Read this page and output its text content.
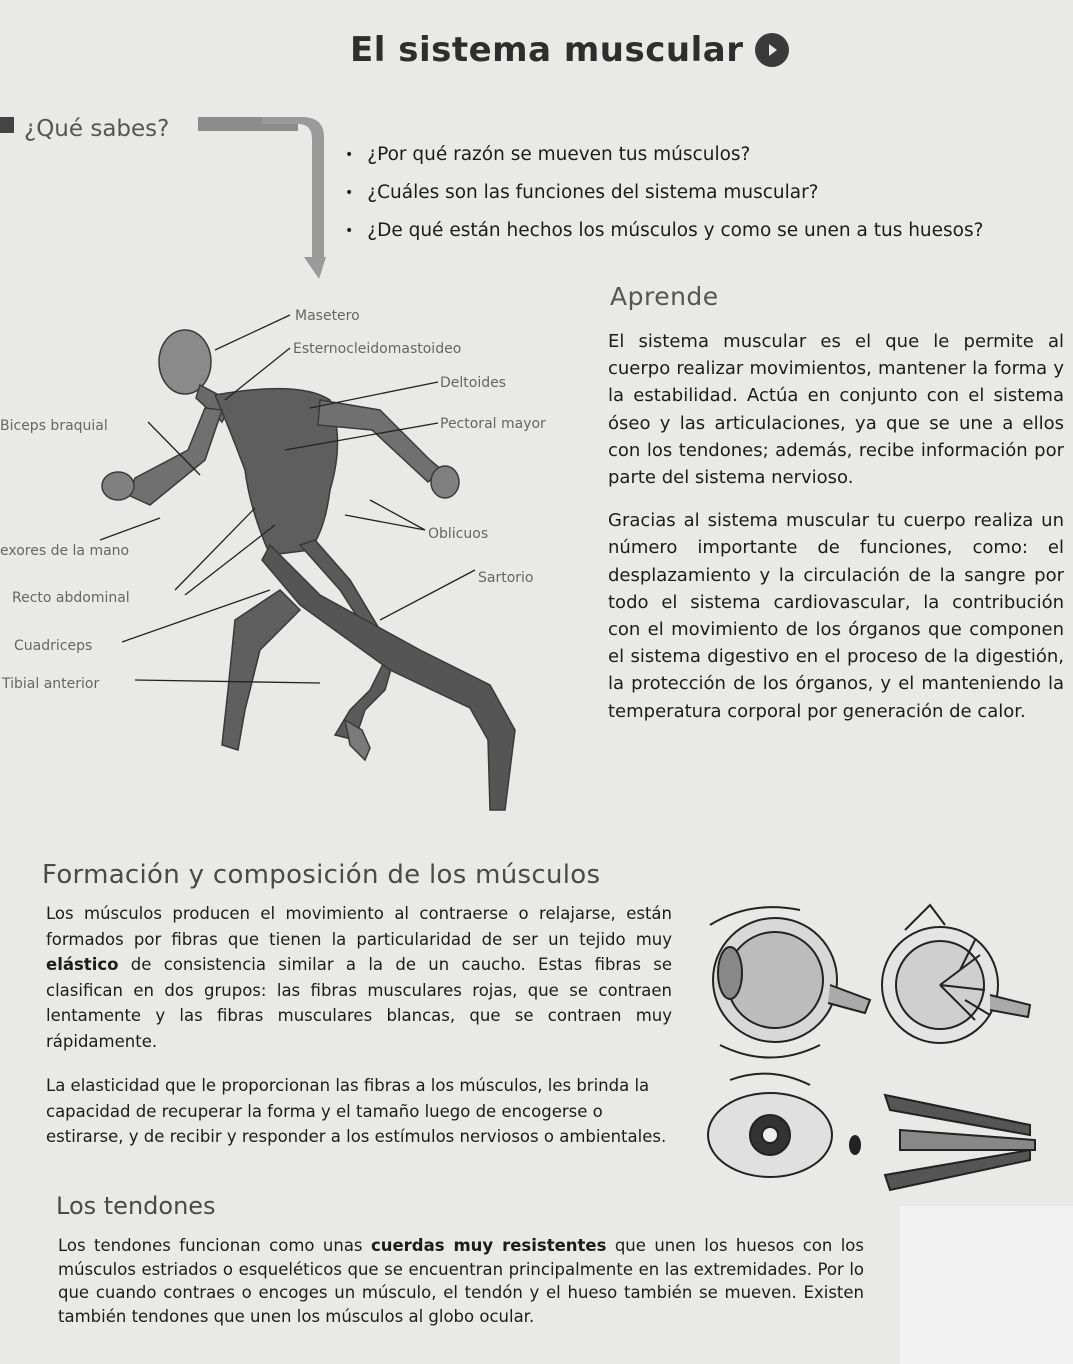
El sistema muscular
¿Qué sabes?
• ¿Por qué razón se mueven tus músculos?
• ¿Cuáles son las funciones del sistema muscular?
• ¿De qué están hechos los músculos y como se unen a tus huesos?
Aprende

El sistema muscular es el que le permite al cuerpo realizar movimientos, mantener la forma y la estabilidad. Actúa en conjunto con el sistema óseo y las articulaciones, ya que se une a ellos con los tendones; además, recibe información por parte del sistema nervioso.

Gracias al sistema muscular tu cuerpo realiza un número importante de funciones, como: el desplazamiento y la circulación de la sangre por todo el sistema cardiovascular, la contribución con el movimiento de los órganos que componen el sistema digestivo en el proceso de la digestión, la protección de los órganos, y el manteniendo la temperatura corporal por generación de calor.

Masetero
Esternocleidomastoideo
Deltoides
Pectoral mayor
Biceps braquial
Oblicuos
exores de la mano
Sartorio
Recto abdominal
Cuadriceps
Tibial anterior
Formación y composición de los músculos

Los músculos producen el movimiento al contraerse o relajarse, están formados por fibras que tienen la particularidad de ser un tejido muy elástico de consistencia similar a la de un caucho. Estas fibras se clasifican en dos grupos: las fibras musculares rojas, que se contraen lentamente y las fibras musculares blancas, que se contraen muy rápidamente.

La elasticidad que le proporcionan las fibras a los músculos, les brinda la capacidad de recuperar la forma y el tamaño luego de encogerse o estirarse, y de recibir y responder a los estímulos nerviosos o ambientales.

Los tendones

Los tendones funcionan como unas cuerdas muy resistentes que unen los huesos con los músculos estriados o esqueléticos que se encuentran principalmente en las extremidades. Por lo que cuando contraes o encoges un músculo, el tendón y el hueso también se mueven. Existen también tendones que unen los músculos al globo ocular.
